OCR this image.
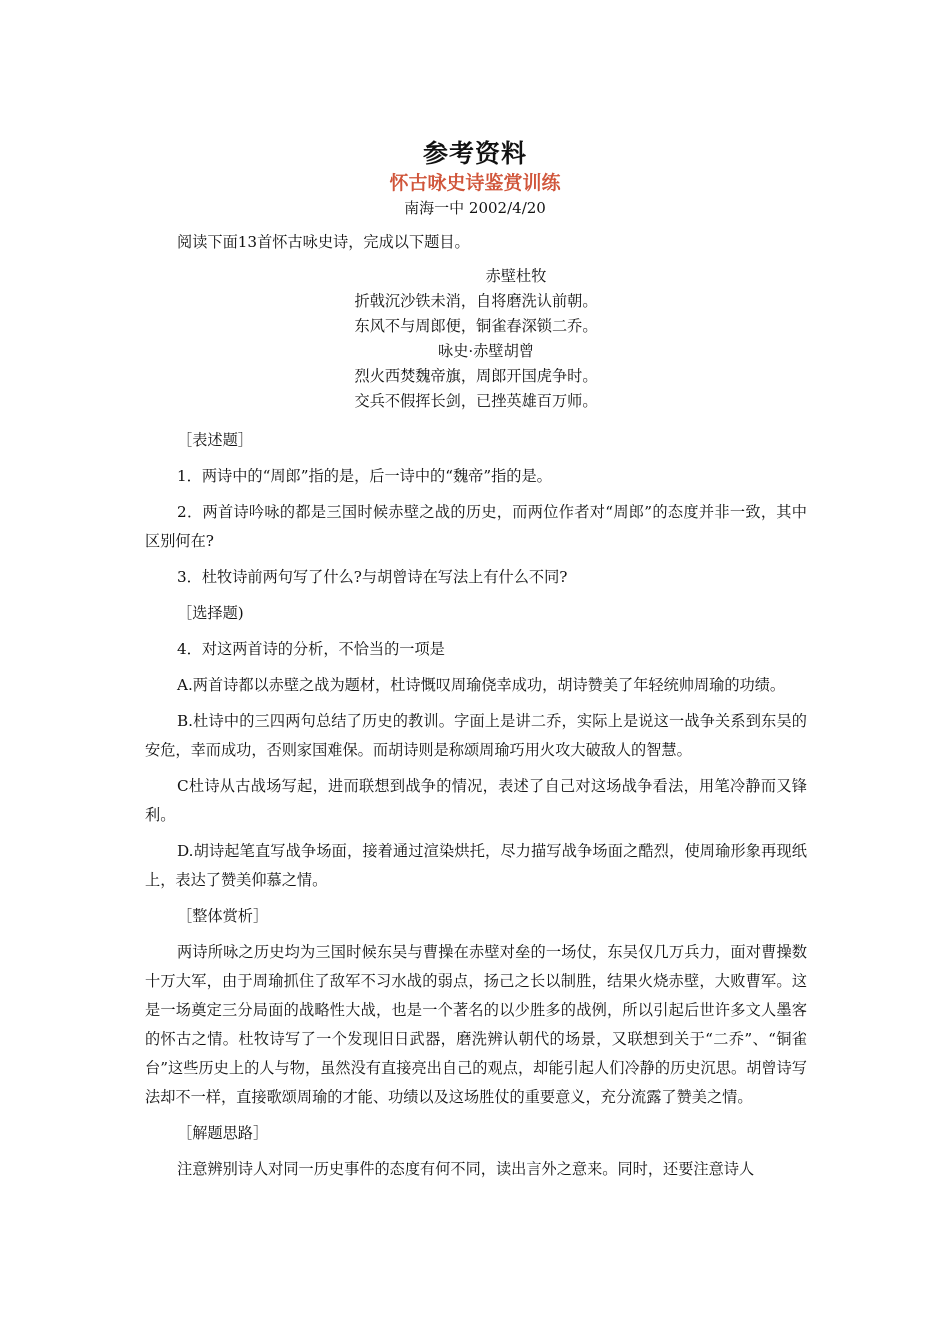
参考资料
怀古咏史诗鉴赏训练
南海一中 2002/4/20

阅读下面13首怀古咏史诗，完成以下题目。

赤壁杜牧
折戟沉沙铁未消，自将磨洗认前朝。
东风不与周郎便，铜雀春深锁二乔。
咏史·赤壁胡曾
烈火西焚魏帝旗，周郎开国虎争时。
交兵不假挥长剑，已挫英雄百万师。

［表述题］

1．两诗中的“周郎”指的是，后一诗中的“魏帝”指的是。

2．两首诗吟咏的都是三国时候赤壁之战的历史，而两位作者对“周郎”的态度并非一致，其中区别何在?

3．杜牧诗前两句写了什么?与胡曾诗在写法上有什么不同?

［选择题)

4．对这两首诗的分析，不恰当的一项是

A.两首诗都以赤壁之战为题材，杜诗慨叹周瑜侥幸成功，胡诗赞美了年轻统帅周瑜的功绩。

B.杜诗中的三四两句总结了历史的教训。字面上是讲二乔，实际上是说这一战争关系到东吴的安危，幸而成功，否则家国难保。而胡诗则是称颂周瑜巧用火攻大破敌人的智慧。

C杜诗从古战场写起，进而联想到战争的情况，表述了自己对这场战争看法，用笔冷静而又锋利。

D.胡诗起笔直写战争场面，接着通过渲染烘托，尽力描写战争场面之酷烈，使周瑜形象再现纸上，表达了赞美仰慕之情。

［整体赏析］

两诗所咏之历史均为三国时候东吴与曹操在赤壁对垒的一场仗，东吴仅几万兵力，面对曹操数十万大军，由于周瑜抓住了敌军不习水战的弱点，扬己之长以制胜，结果火烧赤壁，大败曹军。这是一场奠定三分局面的战略性大战，也是一个著名的以少胜多的战例，所以引起后世许多文人墨客的怀古之情。杜牧诗写了一个发现旧日武器，磨洗辨认朝代的场景，又联想到关于“二乔”、“铜雀台”这些历史上的人与物，虽然没有直接亮出自己的观点，却能引起人们冷静的历史沉思。胡曾诗写法却不一样，直接歌颂周瑜的才能、功绩以及这场胜仗的重要意义，充分流露了赞美之情。

［解题思路］

注意辨别诗人对同一历史事件的态度有何不同，读出言外之意来。同时，还要注意诗人
